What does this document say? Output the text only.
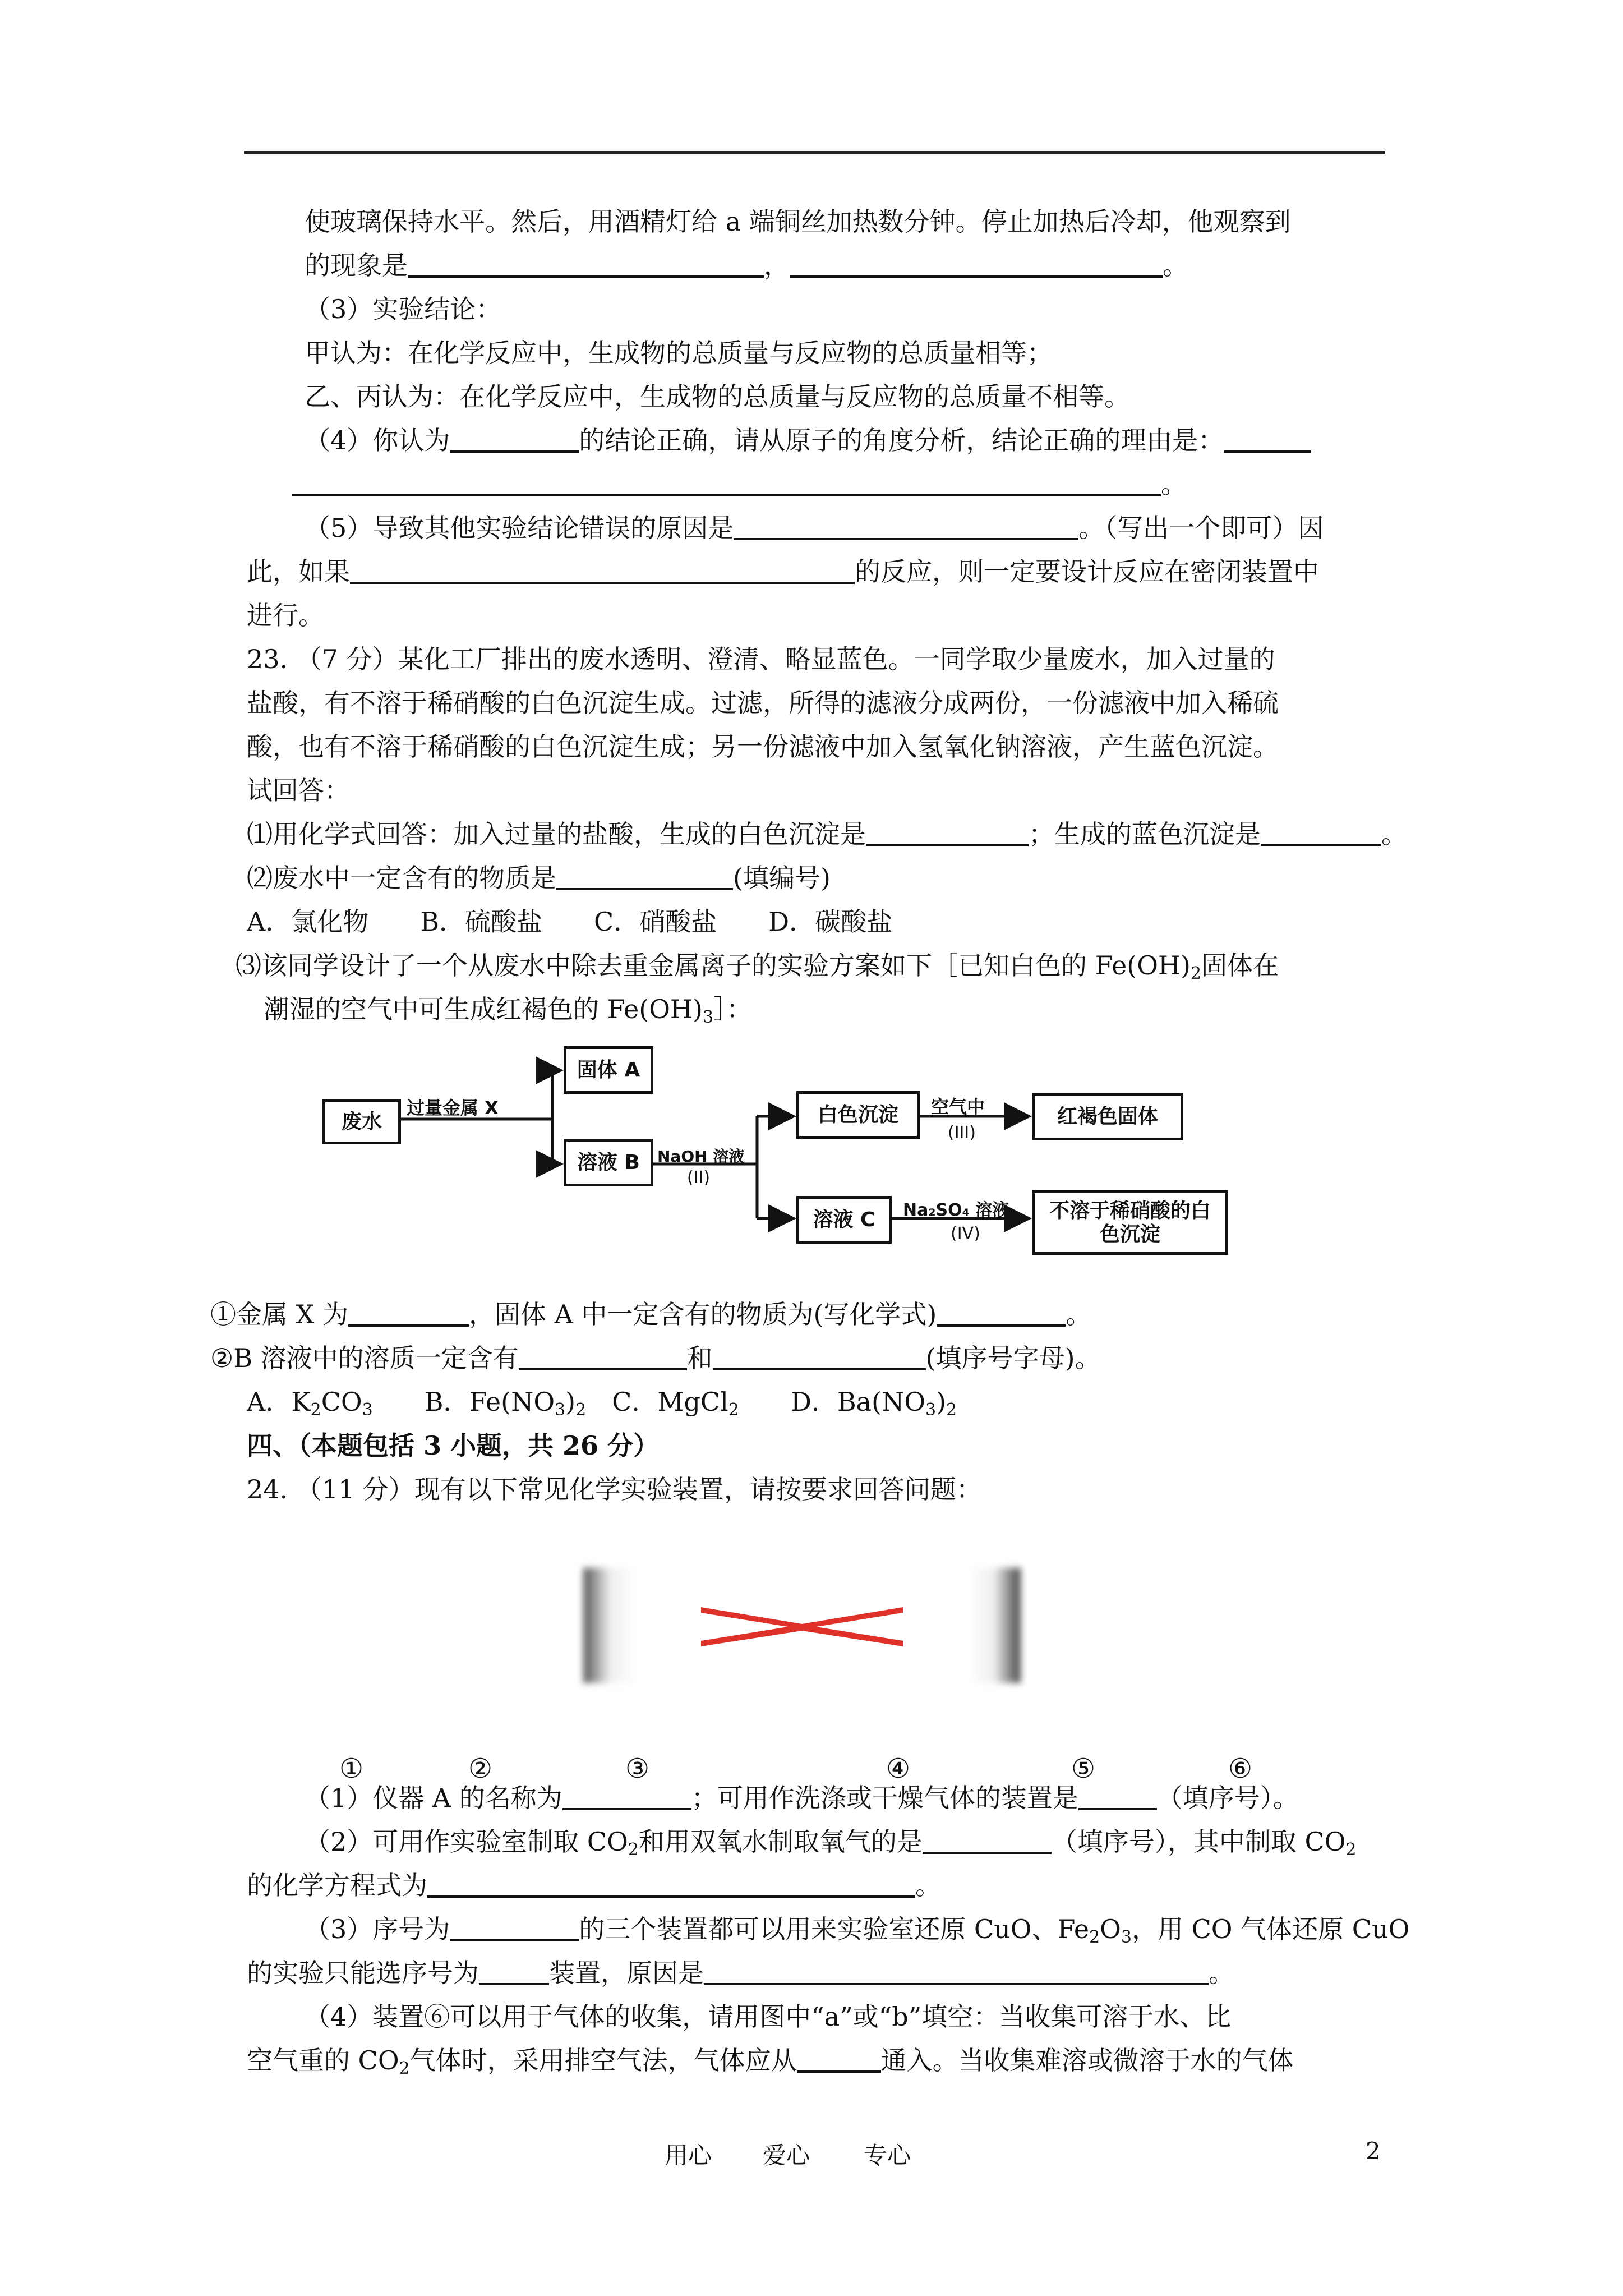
使玻璃保持水平。然后，用酒精灯给 a 端铜丝加热数分钟。停止加热后冷却，他观察到
的现象是	，	。
（3）实验结论：
甲认为：在化学反应中，生成物的总质量与反应物的总质量相等；
乙、丙认为：在化学反应中，生成物的总质量与反应物的总质量不相等。
（4）你认为	的结论正确，请从原子的角度分析，结论正确的理由是：
。
（5）导致其他实验结论错误的原因是	。（写出一个即可）因
此，如果	的反应，则一定要设计反应在密闭装置中
进行。
23. （7 分）某化工厂排出的废水透明、澄清、略显蓝色。一同学取少量废水，加入过量的
盐酸，有不溶于稀硝酸的白色沉淀生成。过滤，所得的滤液分成两份，一份滤液中加入稀硫
酸，也有不溶于稀硝酸的白色沉淀生成；另一份滤液中加入氢氧化钠溶液，产生蓝色沉淀。
试回答：
⑴用化学式回答：加入过量的盐酸，生成的白色沉淀是	；生成的蓝色沉淀是	。
⑵废水中一定含有的物质是	(填编号)
A．氯化物　　B．硫酸盐　　C．硝酸盐　　D．碳酸盐
⑶该同学设计了一个从废水中除去重金属离子的实验方案如下［已知白色的 $Fe(OH)_2$固体在
潮湿的空气中可生成红褐色的 $Fe(OH)_3]$：
废水
固体 A
溶液 B
白色沉淀	红褐色固体
溶液 C	不溶于稀硝酸的白色沉淀
过量金属 X
NaOH 溶液
(II)
空气中
(III)
Na₂SO₄ 溶液
(IV)
①金属 X 为	，固体 A 中一定含有的物质为(写化学式)	。
②B 溶液中的溶质一定含有	和	(填序号字母)。
A．$K_2CO_3$　　B．$Fe(NO_3)_2$　C．MgCl$_2$　　D．$Ba(NO_3)_2$
四、（本题包括 3 小题，共 26 分）
24. （11 分）现有以下常见化学实验装置，请按要求回答问题：
①	②	③	④	⑤	⑥
（1）仪器 A 的名称为	；可用作洗涤或干燥气体的装置是	（填序号）。
（2）可用作实验室制取 $CO_2$和用双氧水制取氧气的是	（填序号），其中制取 $CO_2$
的化学方程式为	。
（3）序号为	的三个装置都可以用来实验室还原 CuO、$Fe_2O_3$，用 CO 气体还原 CuO
的实验只能选序号为	装置，原因是	。
（4）装置⑥可以用于气体的收集，请用图中“a”或“b”填空：当收集可溶于水、比
空气重的 $CO_2$气体时，采用排空气法，气体应从	通入。当收集难溶或微溶于水的气体
用心 爱心 专心	2
